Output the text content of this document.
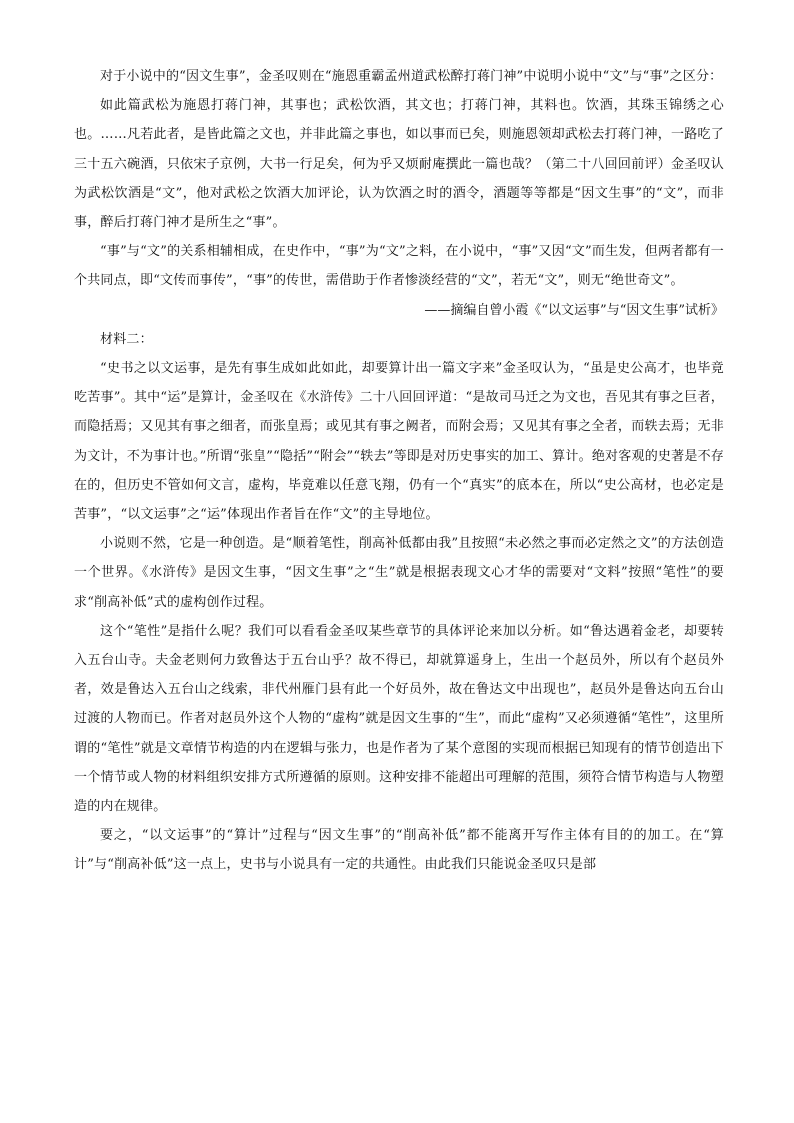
对于小说中的“因文生事”，金圣叹则在“施恩重霸孟州道武松醉打蒋门神”中说明小说中“文”与“事”之区分：

如此篇武松为施恩打蒋门神，其事也；武松饮酒，其文也；打蒋门神，其料也。饮酒，其珠玉锦绣之心也。……凡若此者，是皆此篇之文也，并非此篇之事也，如以事而已矣，则施恩领却武松去打蒋门神，一路吃了三十五六碗酒，只依宋子京例，大书一行足矣，何为乎又烦耐庵撰此一篇也哉？（第二十八回回前评）金圣叹认为武松饮酒是“文”，他对武松之饮酒大加评论，认为饮酒之时的酒令，酒题等等都是“因文生事”的“文”，而非事，醉后打蒋门神才是所生之“事”。

“事”与“文”的关系相辅相成，在史作中，“事”为“文”之料，在小说中，“事”又因“文”而生发，但两者都有一个共同点，即“文传而事传”，“事”的传世，需借助于作者惨淡经营的“文”，若无“文”，则无“绝世奇文”。

——摘编自曾小霞《“以文运事”与“因文生事”试析》

材料二：

“史书之以文运事，是先有事生成如此如此，却要算计出一篇文字来”金圣叹认为，“虽是史公高才，也毕竟吃苦事”。其中“运”是算计，金圣叹在《水浒传》二十八回回评道：“是故司马迁之为文也，吾见其有事之巨者，而隐括焉；又见其有事之细者，而张皇焉；或见其有事之阙者，而附会焉；又见其有事之全者，而轶去焉；无非为文计，不为事计也。”所谓“张皇”“隐括”“附会”“轶去”等即是对历史事实的加工、算计。绝对客观的史著是不存在的，但历史不管如何文言，虚构，毕竟难以任意飞翔，仍有一个“真实”的底本在，所以“史公高材，也必定是苦事”，“以文运事”之“运”体现出作者旨在作“文”的主导地位。

小说则不然，它是一种创造。是“顺着笔性，削高补低都由我”且按照“未必然之事而必定然之文”的方法创造一个世界。《水浒传》是因文生事，“因文生事”之“生”就是根据表现文心才华的需要对“文料”按照“笔性”的要求“削高补低”式的虚构创作过程。

这个“笔性”是指什么呢？我们可以看看金圣叹某些章节的具体评论来加以分析。如“鲁达遇着金老，却要转入五台山寺。夫金老则何力致鲁达于五台山乎？故不得已，却就算遥身上，生出一个赵员外，所以有个赵员外者，效是鲁达入五台山之线索，非代州雁门县有此一个好员外，故在鲁达文中出现也”，赵员外是鲁达向五台山过渡的人物而已。作者对赵员外这个人物的“虚构”就是因文生事的“生”，而此“虚构”又必须遵循“笔性”，这里所谓的“笔性”就是文章情节构造的内在逻辑与张力，也是作者为了某个意图的实现而根据已知现有的情节创造出下一个情节或人物的材料组织安排方式所遵循的原则。这种安排不能超出可理解的范围，须符合情节构造与人物塑造的内在规律。

要之，“以文运事”的“算计”过程与“因文生事”的“削高补低”都不能离开写作主体有目的的加工。在“算计”与“削高补低”这一点上，史书与小说具有一定的共通性。由此我们只能说金圣叹只是部
